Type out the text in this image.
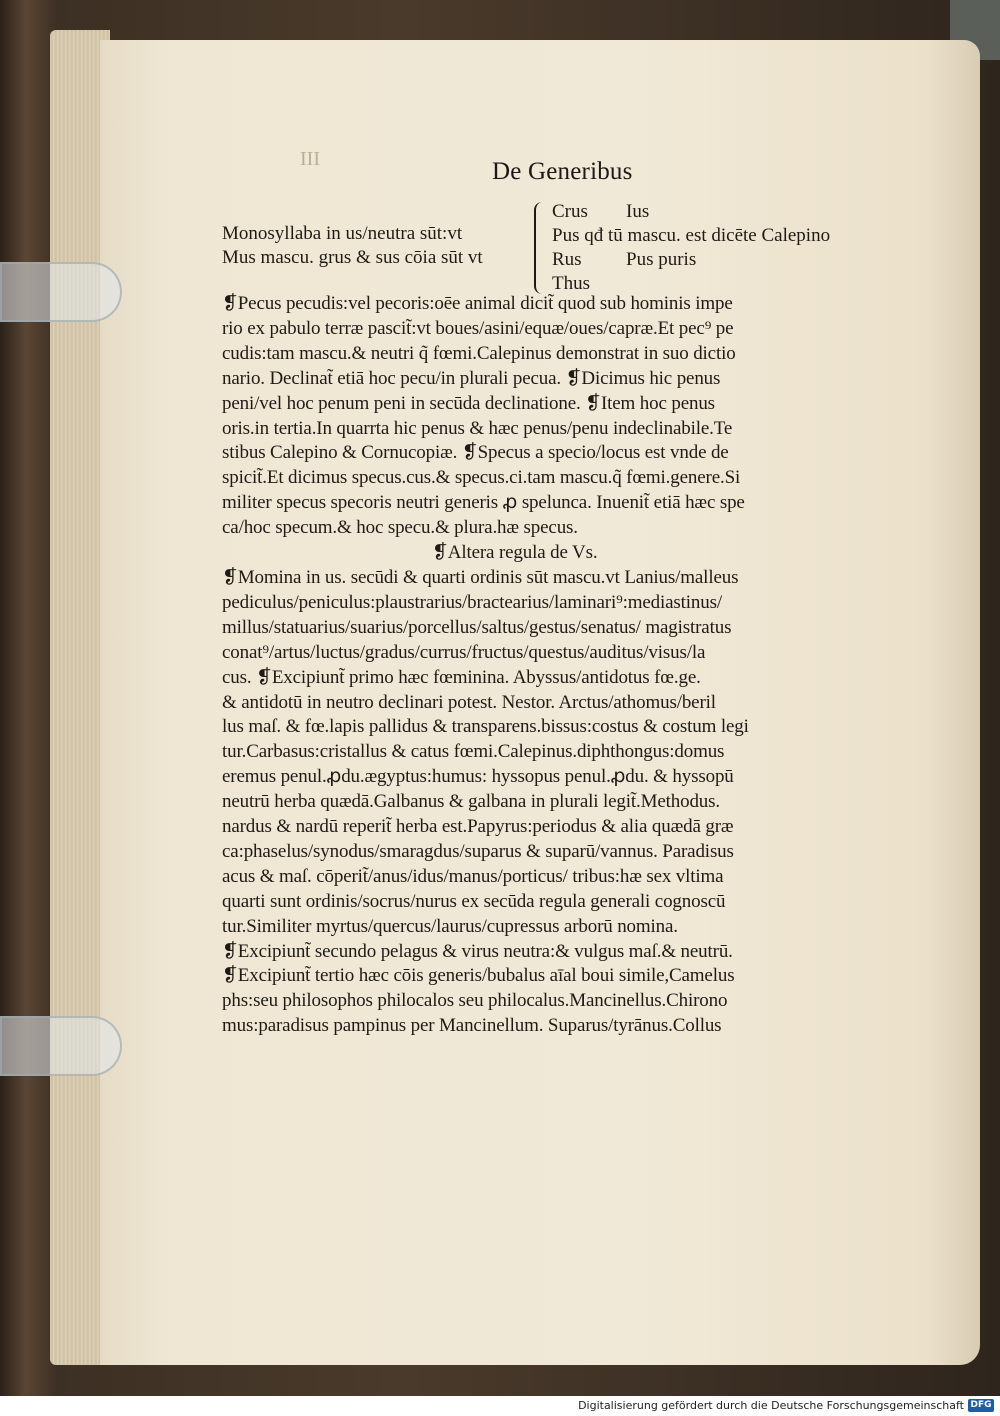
III	De Generibus
Monosyllaba in us/neutra sūt:vt
Mus mascu. grus & sus cōia sūt vt
Crus Ius
Pus qđ tū mascu. est dicēte Calepino
Rus Pus puris
Thus
❡Pecus pecudis:vel pecoris:oēe animal dicit̃ quod sub hominis impe
rio ex pabulo terræ pascit̃:vt boues/asini/equæ/oues/capræ.Et pec⁹ pe
cudis:tam mascu.& neutri q̃ fœmi.Calepinus demonstrat in suo dictio
nario. Declinat̃ etiā hoc pecu/in plurali pecua. ❡Dicimus hic penus
peni/vel hoc penum peni in secūda declinatione. ❡Item hoc penus
oris.in tertia.In quarrta hic penus & hæc penus/penu indeclinabile.Te
stibus Calepino & Cornucopiæ. ❡Specus a specio/locus est vnde de
spicit̃.Et dicimus specus.cus.& specus.ci.tam mascu.q̃ fœmi.genere.Si
militer specus specoris neutri generis ꝓ spelunca. Inuenit̃ etiā hæc spe
ca/hoc specum.& hoc specu.& plura.hæ specus.
❡Altera regula de Vs.
❡Momina in us. secūdi & quarti ordinis sūt mascu.vt Lanius/malleus
pediculus/peniculus:plaustrarius/bractearius/laminari⁹:mediastinus/
millus/statuarius/suarius/porcellus/saltus/gestus/senatus/ magistratus
conat⁹/artus/luctus/gradus/currus/fructus/questus/auditus/visus/la
cus. ❡Excipiunt̃ primo hæc fœminina. Abyssus/antidotus fœ.ge.
& antidotū in neutro declinari potest. Nestor. Arctus/athomus/beril
lus maſ. & fœ.lapis pallidus & transparens.bissus:costus & costum legi
tur.Carbasus:cristallus & catus fœmi.Calepinus.diphthongus:domus
eremus penul.ꝓdu.ægyptus:humus: hyssopus penul.ꝓdu. & hyssopū
neutrū herba quædā.Galbanus & galbana in plurali legit̃.Methodus.
nardus & nardū reperit̃ herba est.Papyrus:periodus & alia quædā græ
ca:phaselus/synodus/smaragdus/suparus & suparū/vannus. Paradisus
acus & maſ. cōperit̃/anus/idus/manus/porticus/ tribus:hæ sex vltima
quarti sunt ordinis/socrus/nurus ex secūda regula generali cognoscū
tur.Similiter myrtus/quercus/laurus/cupressus arborū nomina.
❡Excipiunt̃ secundo pelagus & virus neutra:& vulgus maſ.& neutrū.
❡Excipiunt̃ tertio hæc cōis generis/bubalus aīal boui simile,Camelus
phs:seu philosophos philocalos seu philocalus.Mancinellus.Chirono
mus:paradisus pampinus per Mancinellum. Suparus/tyrānus.Collus
Digitalisierung gefördert durch die Deutsche Forschungsgemeinschaft DFG
